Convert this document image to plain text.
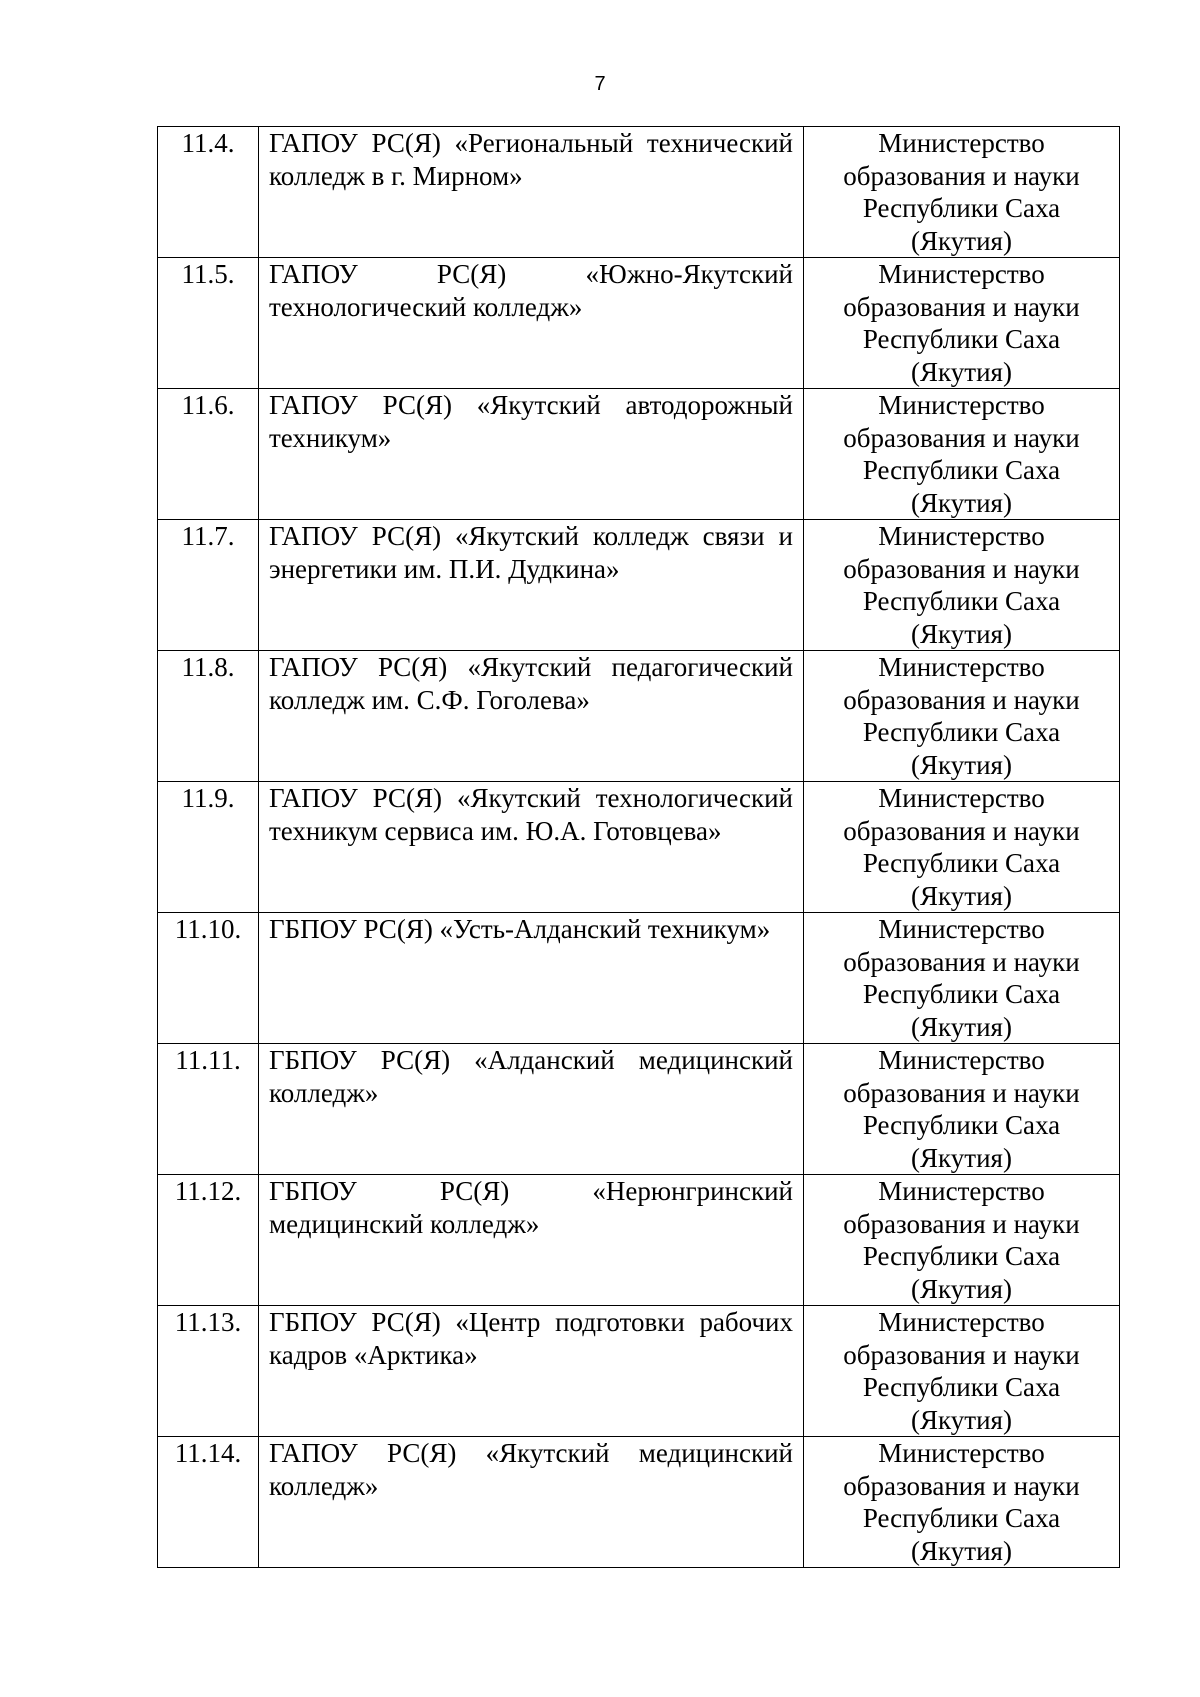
7
11.4.	ГАПОУ РС(Я) «Региональный технический колледж в г. Мирном»	Министерство образования и науки Республики Саха (Якутия)
11.5.	ГАПОУ РС(Я) «Южно-Якутский технологический колледж»	Министерство образования и науки Республики Саха (Якутия)
11.6.	ГАПОУ РС(Я) «Якутский автодорожный техникум»	Министерство образования и науки Республики Саха (Якутия)
11.7.	ГАПОУ РС(Я) «Якутский колледж связи и энергетики им. П.И. Дудкина»	Министерство образования и науки Республики Саха (Якутия)
11.8.	ГАПОУ РС(Я) «Якутский педагогический колледж им. С.Ф. Гоголева»	Министерство образования и науки Республики Саха (Якутия)
11.9.	ГАПОУ РС(Я) «Якутский технологический техникум сервиса им. Ю.А. Готовцева»	Министерство образования и науки Республики Саха (Якутия)
11.10.	ГБПОУ РС(Я) «Усть-Алданский техникум»	Министерство образования и науки Республики Саха (Якутия)
11.11.	ГБПОУ РС(Я) «Алданский медицинский колледж»	Министерство образования и науки Республики Саха (Якутия)
11.12.	ГБПОУ РС(Я) «Нерюнгринский медицинский колледж»	Министерство образования и науки Республики Саха (Якутия)
11.13.	ГБПОУ РС(Я) «Центр подготовки рабочих кадров «Арктика»	Министерство образования и науки Республики Саха (Якутия)
11.14.	ГАПОУ РС(Я) «Якутский медицинский колледж»	Министерство образования и науки Республики Саха (Якутия)
